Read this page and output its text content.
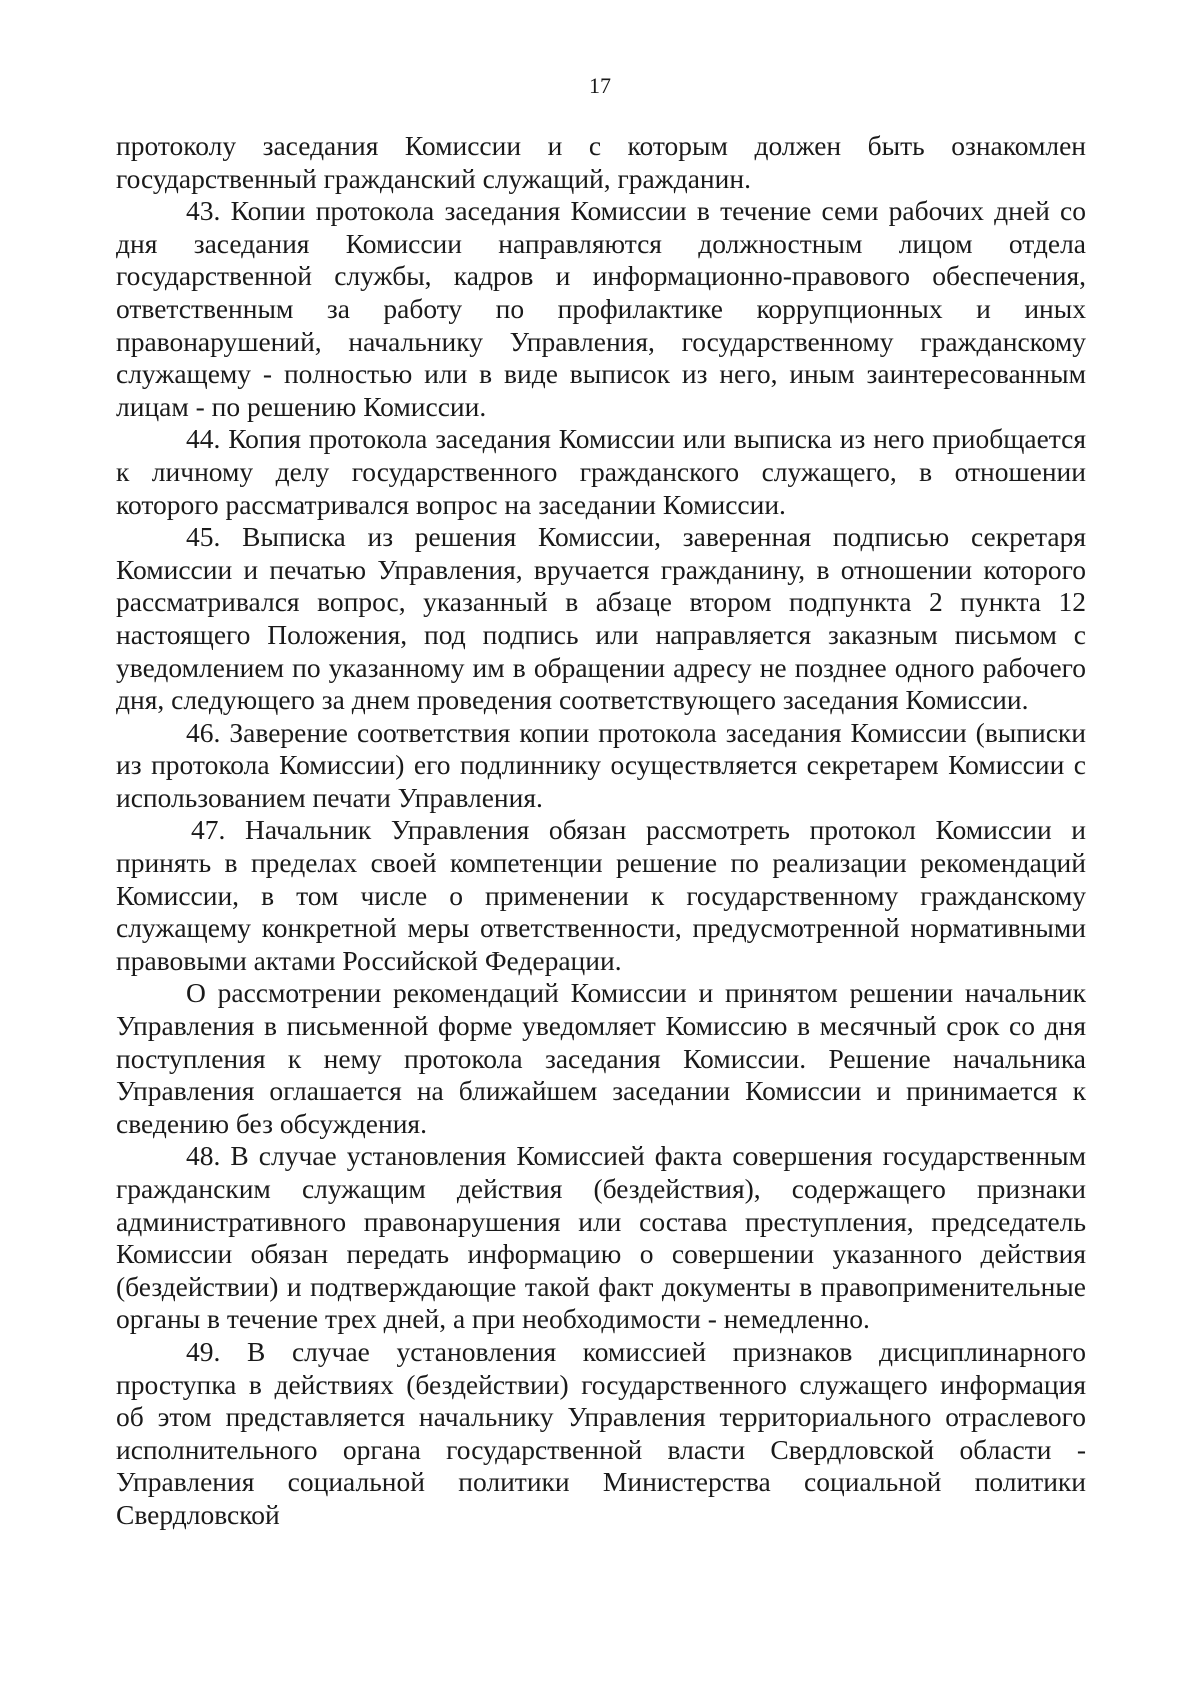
17

протоколу заседания Комиссии и с которым должен быть ознакомлен государственный гражданский служащий, гражданин.

43. Копии протокола заседания Комиссии в течение семи рабочих дней со дня заседания Комиссии направляются должностным лицом отдела государственной службы, кадров и информационно-правового обеспечения, ответственным за работу по профилактике коррупционных и иных правонарушений, начальнику Управления, государственному гражданскому служащему - полностью или в виде выписок из него, иным заинтересованным лицам - по решению Комиссии.

44. Копия протокола заседания Комиссии или выписка из него приобщается к личному делу государственного гражданского служащего, в отношении которого рассматривался вопрос на заседании Комиссии.

45. Выписка из решения Комиссии, заверенная подписью секретаря Комиссии и печатью Управления, вручается гражданину, в отношении которого рассматривался вопрос, указанный в абзаце втором подпункта 2 пункта 12 настоящего Положения, под подпись или направляется заказным письмом с уведомлением по указанному им в обращении адресу не позднее одного рабочего дня, следующего за днем проведения соответствующего заседания Комиссии.

46. Заверение соответствия копии протокола заседания Комиссии (выписки из протокола Комиссии) его подлиннику осуществляется секретарем Комиссии с использованием печати Управления.

47. Начальник Управления обязан рассмотреть протокол Комиссии и принять в пределах своей компетенции решение по реализации рекомендаций Комиссии, в том числе о применении к государственному гражданскому служащему конкретной меры ответственности, предусмотренной нормативными правовыми актами Российской Федерации.

О рассмотрении рекомендаций Комиссии и принятом решении начальник Управления в письменной форме уведомляет Комиссию в месячный срок со дня поступления к нему протокола заседания Комиссии. Решение начальника Управления оглашается на ближайшем заседании Комиссии и принимается к сведению без обсуждения.

48. В случае установления Комиссией факта совершения государственным гражданским служащим действия (бездействия), содержащего признаки административного правонарушения или состава преступления, председатель Комиссии обязан передать информацию о совершении указанного действия (бездействии) и подтверждающие такой факт документы в правоприменительные органы в течение трех дней, а при необходимости - немедленно.

49. В случае установления комиссией признаков дисциплинарного проступка в действиях (бездействии) государственного служащего информация об этом представляется начальнику Управления территориального отраслевого исполнительного органа государственной власти Свердловской области - Управления социальной политики Министерства социальной политики Свердловской
